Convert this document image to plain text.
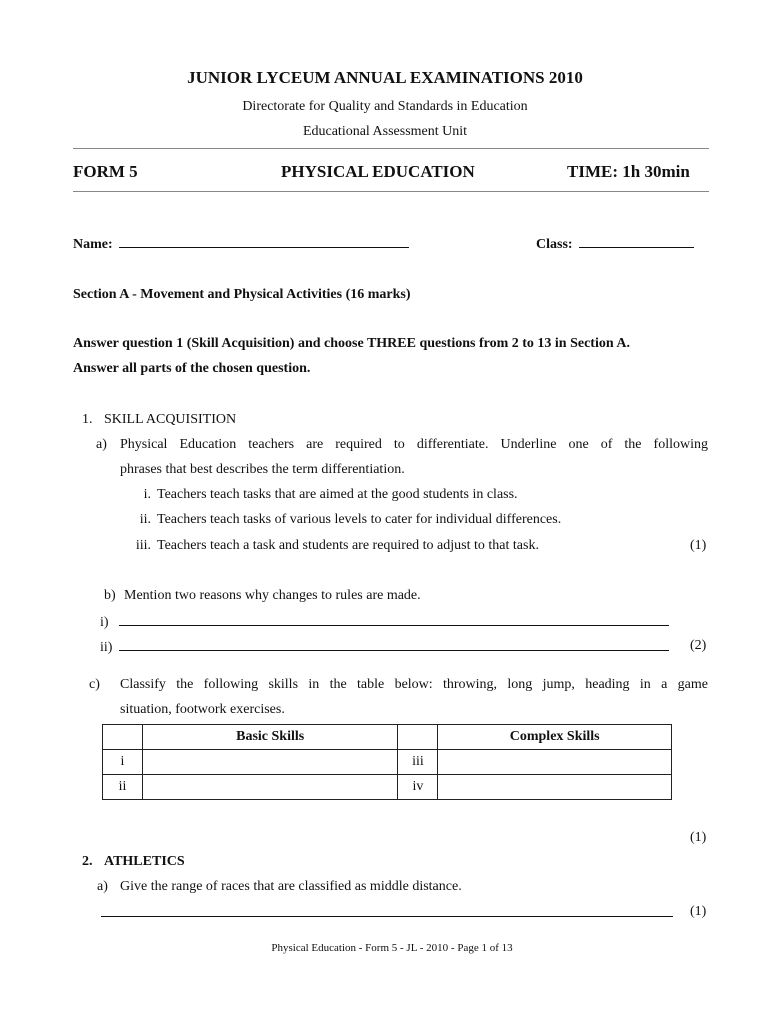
JUNIOR LYCEUM ANNUAL EXAMINATIONS 2010
Directorate for Quality and Standards in Education
Educational Assessment Unit
FORM 5	PHYSICAL EDUCATION	TIME: 1h 30min
Name:	Class:
Section A - Movement and Physical Activities (16 marks)
Answer question 1 (Skill Acquisition) and choose THREE questions from 2 to 13 in Section A.
Answer all parts of the chosen question.
1. SKILL ACQUISITION
a) Physical Education teachers are required to differentiate. Underline one of the following
phrases that best describes the term differentiation.
i. Teachers teach tasks that are aimed at the good students in class.
ii. Teachers teach tasks of various levels to cater for individual differences.
iii. Teachers teach a task and students are required to adjust to that task.	(1)
b) Mention two reasons why changes to rules are made.
i)
ii)	(2)
c) Classify the following skills in the table below: throwing, long jump, heading in a game
situation, footwork exercises.
	Basic Skills		Complex Skills
i		iii	
ii		iv	
(1)
2. ATHLETICS
a) Give the range of races that are classified as middle distance.
(1)
Physical Education - Form 5 - JL - 2010 - Page 1 of 13
